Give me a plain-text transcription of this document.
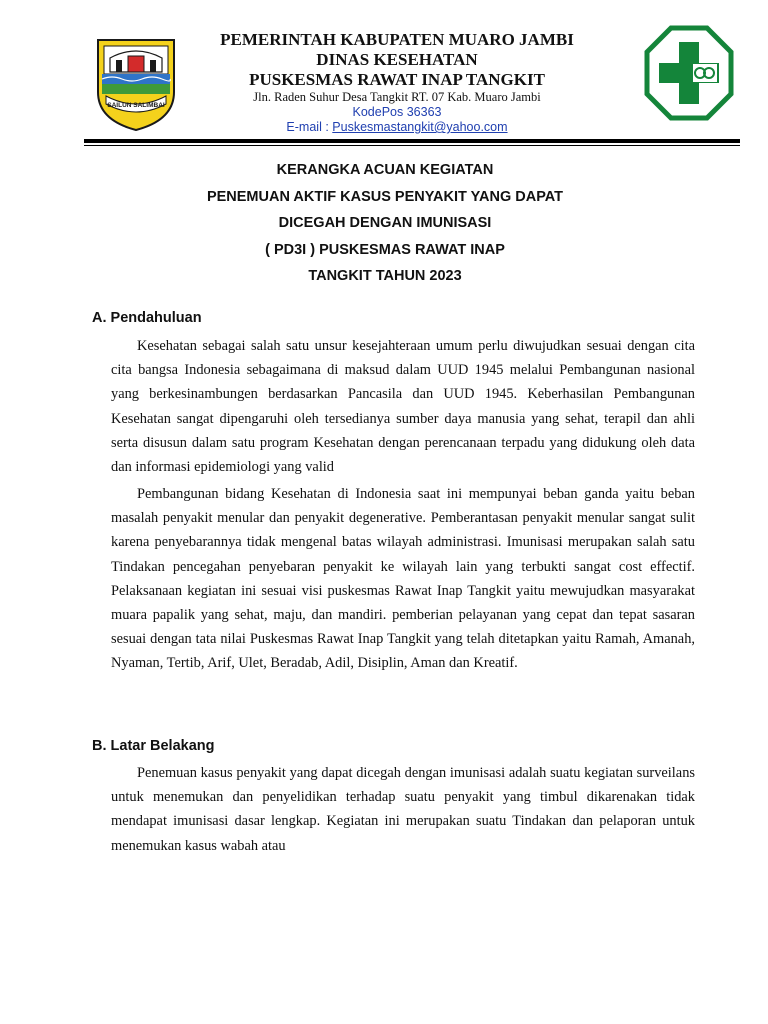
SAILUN SALIMBAI
PEMERINTAH KABUPATEN MUARO JAMBI
DINAS KESEHATAN
PUSKESMAS RAWAT INAP TANGKIT
Jln. Raden Suhur Desa Tangkit RT. 07 Kab. Muaro Jambi
KodePos 36363
E-mail : Puskesmastangkit@yahoo.com
KERANGKA ACUAN KEGIATAN
PENEMUAN AKTIF KASUS PENYAKIT YANG DAPAT
DICEGAH DENGAN IMUNISASI
( PD3I ) PUSKESMAS RAWAT INAP
TANGKIT TAHUN 2023
A. Pendahuluan

Kesehatan sebagai salah satu unsur kesejahteraan umum perlu diwujudkan sesuai dengan cita cita bangsa Indonesia sebagaimana di maksud dalam UUD 1945 melalui Pembangunan nasional yang berkesinambungen berdasarkan Pancasila dan UUD 1945. Keberhasilan Pembangunan Kesehatan sangat dipengaruhi oleh tersedianya sumber daya manusia yang sehat, terapil dan ahli serta disusun dalam satu program Kesehatan dengan perencanaan terpadu yang didukung oleh data dan informasi epidemiologi yang valid

Pembangunan bidang Kesehatan di Indonesia saat ini mempunyai beban ganda yaitu beban masalah penyakit menular dan penyakit degenerative. Pemberantasan penyakit menular sangat sulit karena penyebarannya tidak mengenal batas wilayah administrasi. Imunisasi merupakan salah satu Tindakan pencegahan penyebaran penyakit ke wilayah lain yang terbukti sangat cost effectif. Pelaksanaan kegiatan ini sesuai visi puskesmas Rawat Inap Tangkit yaitu mewujudkan masyarakat muara papalik yang sehat, maju, dan mandiri. pemberian pelayanan yang cepat dan tepat sasaran sesuai dengan tata nilai Puskesmas Rawat Inap Tangkit yang telah ditetapkan yaitu Ramah, Amanah, Nyaman, Tertib, Arif, Ulet, Beradab, Adil, Disiplin, Aman dan Kreatif.

B. Latar Belakang

Penemuan kasus penyakit yang dapat dicegah dengan imunisasi adalah suatu kegiatan surveilans untuk menemukan dan penyelidikan terhadap suatu penyakit yang timbul dikarenakan tidak mendapat imunisasi dasar lengkap. Kegiatan ini merupakan suatu Tindakan dan pelaporan untuk menemukan kasus wabah atau
